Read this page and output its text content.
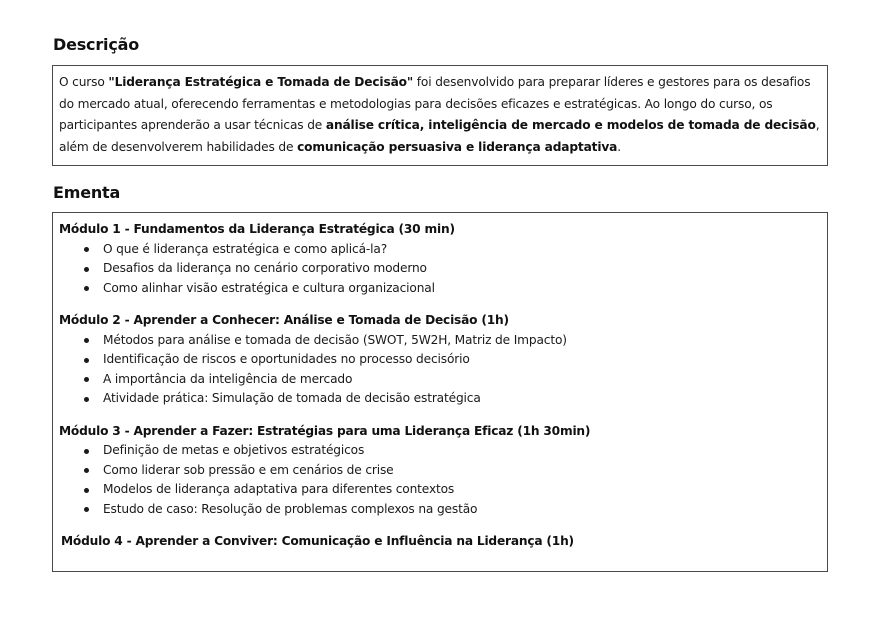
Descrição
O curso "Liderança Estratégica e Tomada de Decisão" foi desenvolvido para preparar líderes e gestores para os desafios do mercado atual, oferecendo ferramentas e metodologias para decisões eficazes e estratégicas. Ao longo do curso, os participantes aprenderão a usar técnicas de análise crítica, inteligência de mercado e modelos de tomada de decisão, além de desenvolverem habilidades de comunicação persuasiva e liderança adaptativa.
Ementa
Módulo 1 - Fundamentos da Liderança Estratégica (30 min)
O que é liderança estratégica e como aplicá-la?
Desafios da liderança no cenário corporativo moderno
Como alinhar visão estratégica e cultura organizacional
Módulo 2 - Aprender a Conhecer: Análise e Tomada de Decisão (1h)
Métodos para análise e tomada de decisão (SWOT, 5W2H, Matriz de Impacto)
Identificação de riscos e oportunidades no processo decisório
A importância da inteligência de mercado
Atividade prática: Simulação de tomada de decisão estratégica
Módulo 3 - Aprender a Fazer: Estratégias para uma Liderança Eficaz (1h 30min)
Definição de metas e objetivos estratégicos
Como liderar sob pressão e em cenários de crise
Modelos de liderança adaptativa para diferentes contextos
Estudo de caso: Resolução de problemas complexos na gestão
Módulo 4 - Aprender a Conviver: Comunicação e Influência na Liderança (1h)
